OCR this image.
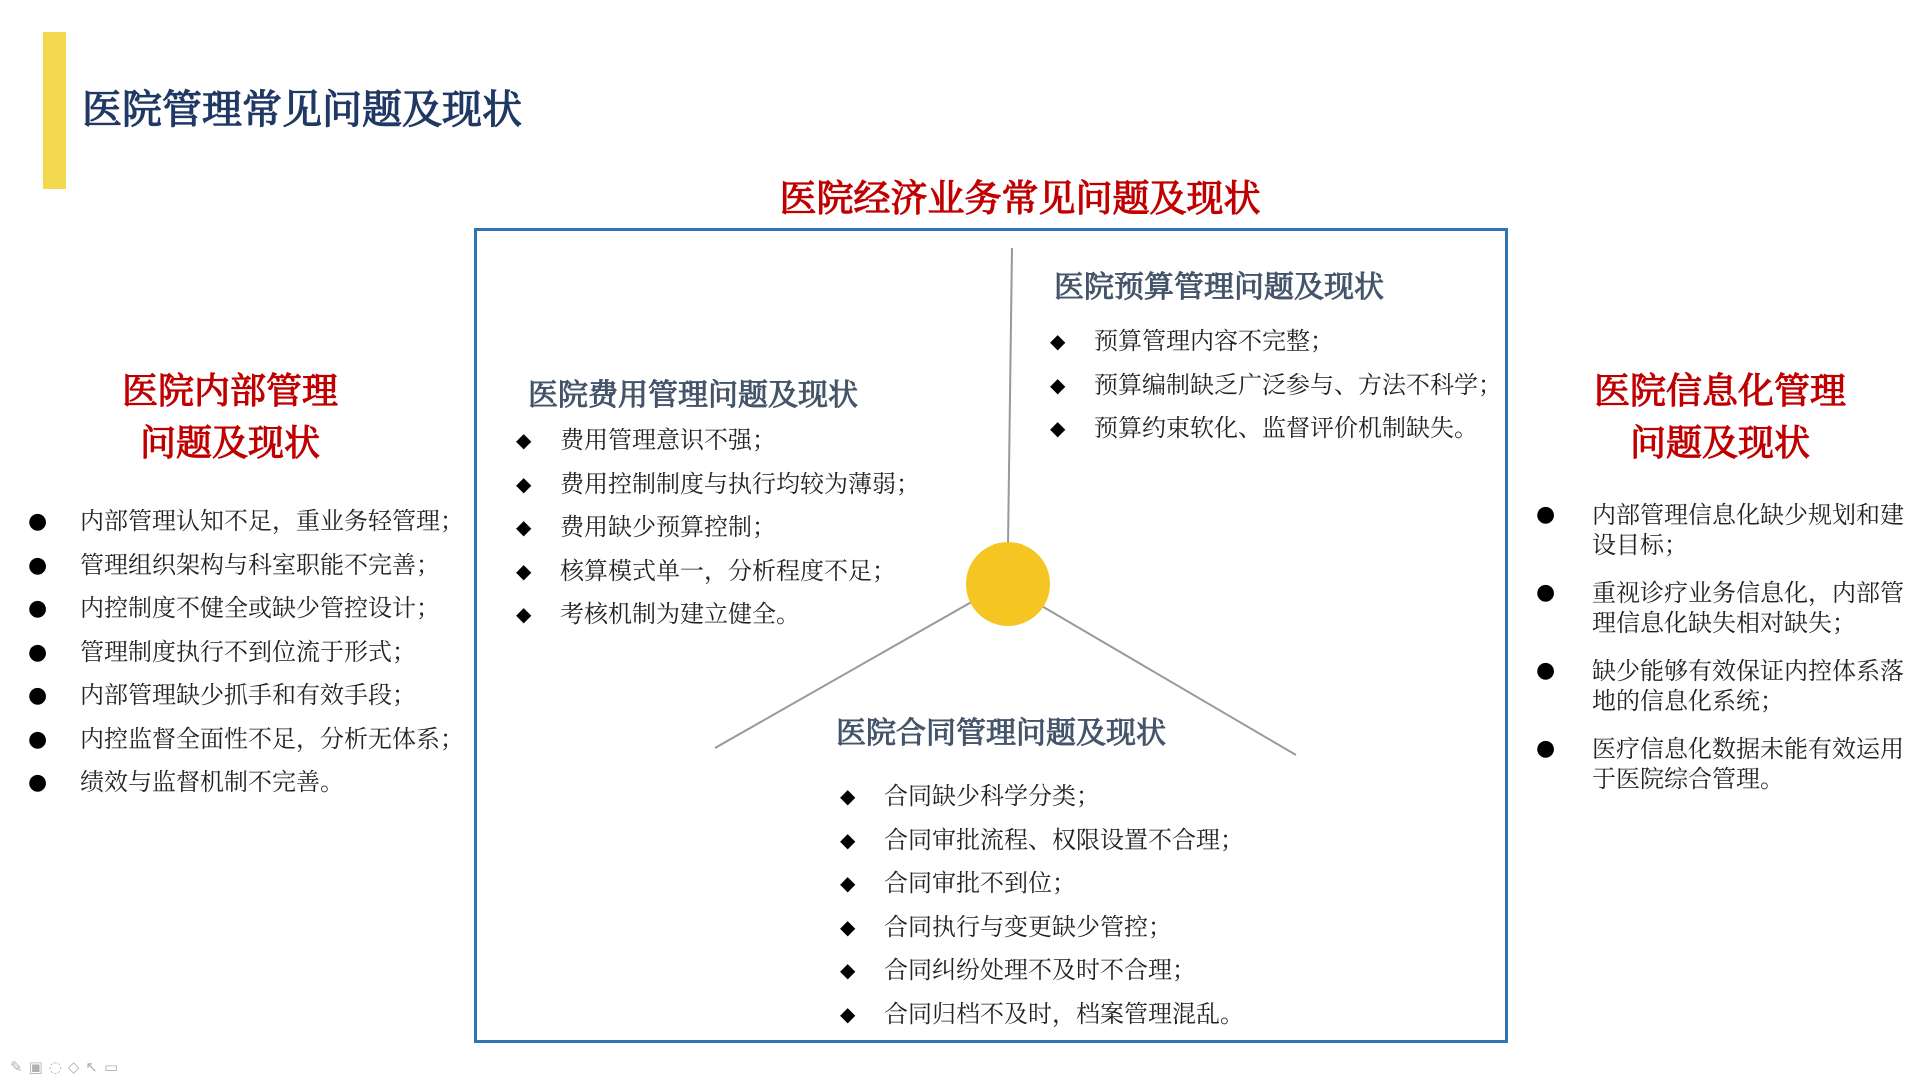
医院管理常见问题及现状
医院经济业务常见问题及现状
医院预算管理问题及现状
◆ 预算管理内容不完整；
◆ 预算编制缺乏广泛参与、方法不科学；
◆ 预算约束软化、监督评价机制缺失。
医院费用管理问题及现状
◆ 费用管理意识不强；
◆ 费用控制制度与执行均较为薄弱；
◆ 费用缺少预算控制；
◆ 核算模式单一，分析程度不足；
◆ 考核机制为建立健全。
医院合同管理问题及现状
◆ 合同缺少科学分类；
◆ 合同审批流程、权限设置不合理；
◆ 合同审批不到位；
◆ 合同执行与变更缺少管控；
◆ 合同纠纷处理不及时不合理；
◆ 合同归档不及时，档案管理混乱。
医院内部管理
问题及现状
● 内部管理认知不足，重业务轻管理；
● 管理组织架构与科室职能不完善；
● 内控制度不健全或缺少管控设计；
● 管理制度执行不到位流于形式；
● 内部管理缺少抓手和有效手段；
● 内控监督全面性不足，分析无体系；
● 绩效与监督机制不完善。
医院信息化管理
问题及现状
● 内部管理信息化缺少规划和建设目标；
● 重视诊疗业务信息化，内部管理信息化缺失相对缺失；
● 缺少能够有效保证内控体系落地的信息化系统；
● 医疗信息化数据未能有效运用于医院综合管理。
✎ ▣ ◌ ◇ ↖ ▭
